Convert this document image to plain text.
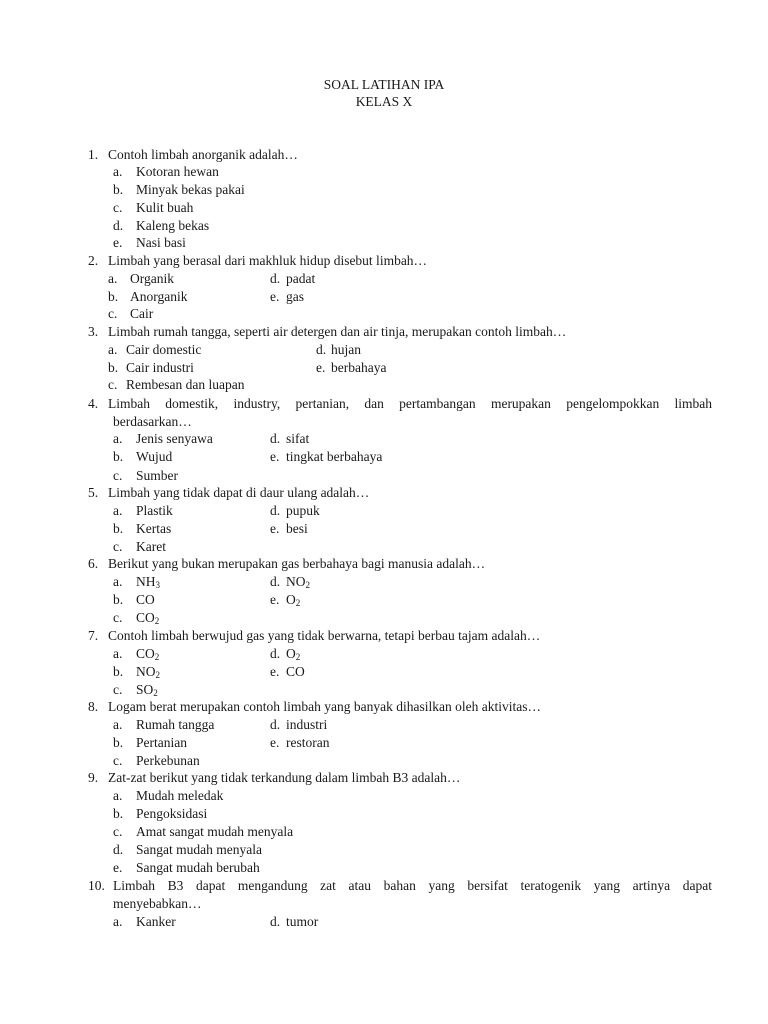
SOAL LATIHAN IPA
KELAS X
1. Contoh limbah anorganik adalah…
a. Kotoran hewan
b. Minyak bekas pakai
c. Kulit buah
d. Kaleng bekas
e. Nasi basi
2. Limbah yang berasal dari makhluk hidup disebut limbah…
a. Organik	d. padat
b. Anorganik	e. gas
c. Cair
3. Limbah rumah tangga, seperti air detergen dan air tinja, merupakan contoh limbah…
a. Cair domestic	d. hujan
b. Cair industri	e. berbahaya
c. Rembesan dan luapan
4. Limbah domestik, industry, pertanian, dan pertambangan merupakan pengelompokkan limbah
berdasarkan…
a. Jenis senyawa	d. sifat
b. Wujud	e. tingkat berbahaya
c. Sumber
5. Limbah yang tidak dapat di daur ulang adalah…
a. Plastik	d. pupuk
b. Kertas	e. besi
c. Karet
6. Berikut yang bukan merupakan gas berbahaya bagi manusia adalah…
a. $NH_3$	d. $NO_2$
b. CO	e. $O_2$
c. $CO_2$
7. Contoh limbah berwujud gas yang tidak berwarna, tetapi berbau tajam adalah…
a. $CO_2$	d. $O_2$
b. $NO_2$	e. CO
c. $SO_2$
8. Logam berat merupakan contoh limbah yang banyak dihasilkan oleh aktivitas…
a. Rumah tangga	d. industri
b. Pertanian	e. restoran
c. Perkebunan
9. Zat-zat berikut yang tidak terkandung dalam limbah B3 adalah…
a. Mudah meledak
b. Pengoksidasi
c. Amat sangat mudah menyala
d. Sangat mudah menyala
e. Sangat mudah berubah
10. Limbah B3 dapat mengandung zat atau bahan yang bersifat teratogenik yang artinya dapat
menyebabkan…
a. Kanker	d. tumor
